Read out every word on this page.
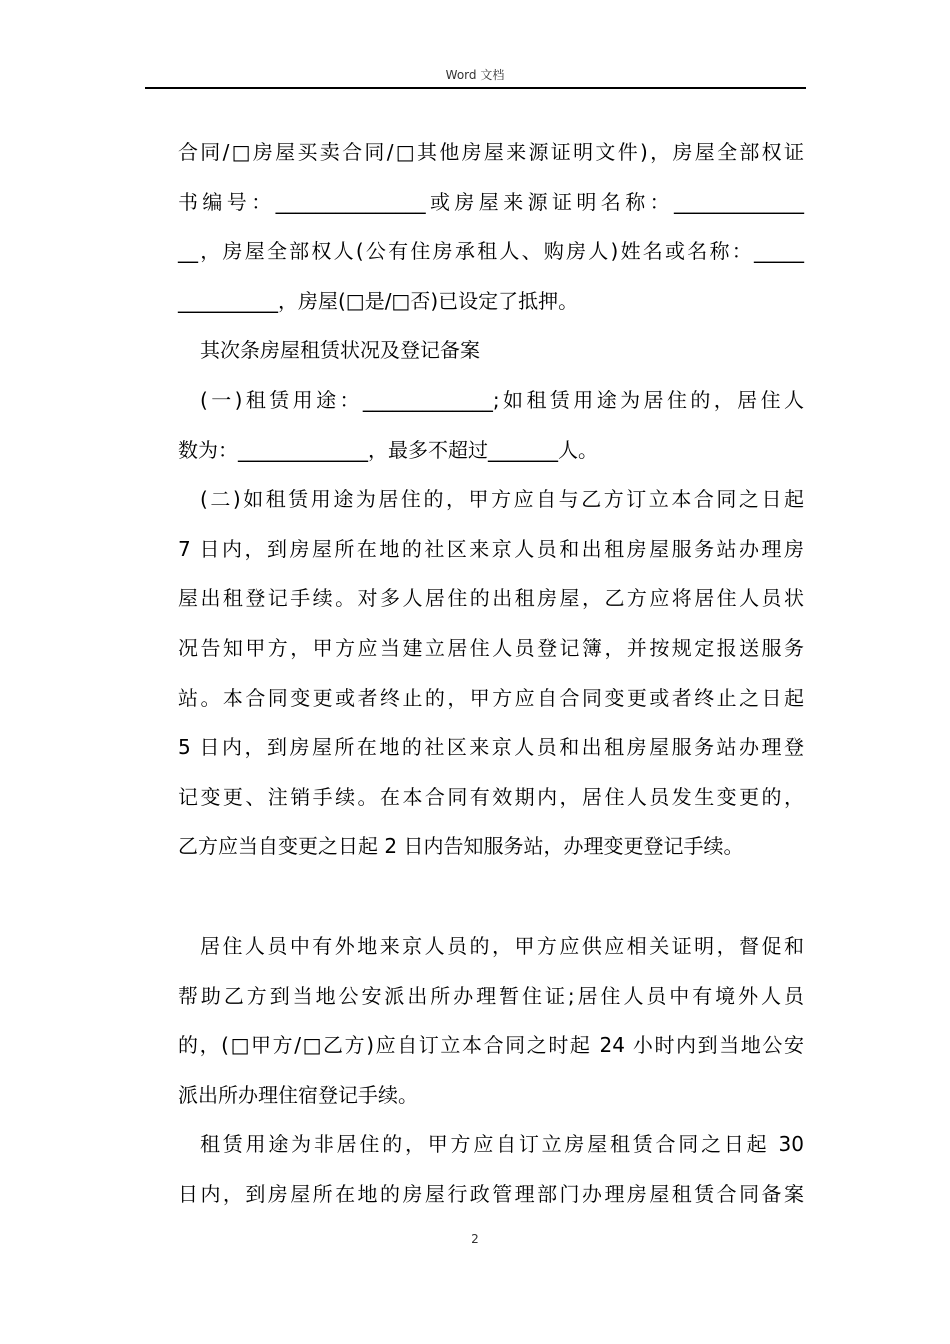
Word 文档
合同/□房屋买卖合同/□其他房屋来源证明文件)，房屋全部权证
书编号：_______________或房屋来源证明名称：_____________
__，房屋全部权人(公有住房承租人、购房人)姓名或名称：_____
__________，房屋(□是/□否)已设定了抵押。
其次条房屋租赁状况及登记备案
(一)租赁用途：_____________;如租赁用途为居住的，居住人
数为：_____________，最多不超过_______人。
(二)如租赁用途为居住的，甲方应自与乙方订立本合同之日起
7 日内，到房屋所在地的社区来京人员和出租房屋服务站办理房
屋出租登记手续。对多人居住的出租房屋，乙方应将居住人员状
况告知甲方，甲方应当建立居住人员登记簿，并按规定报送服务
站。本合同变更或者终止的，甲方应自合同变更或者终止之日起
5 日内，到房屋所在地的社区来京人员和出租房屋服务站办理登
记变更、注销手续。在本合同有效期内，居住人员发生变更的，
乙方应当自变更之日起 2 日内告知服务站，办理变更登记手续。
居住人员中有外地来京人员的，甲方应供应相关证明，督促和
帮助乙方到当地公安派出所办理暂住证;居住人员中有境外人员
的，(□甲方/□乙方)应自订立本合同之时起 24 小时内到当地公安
派出所办理住宿登记手续。
租赁用途为非居住的，甲方应自订立房屋租赁合同之日起 30
日内，到房屋所在地的房屋行政管理部门办理房屋租赁合同备案
2
